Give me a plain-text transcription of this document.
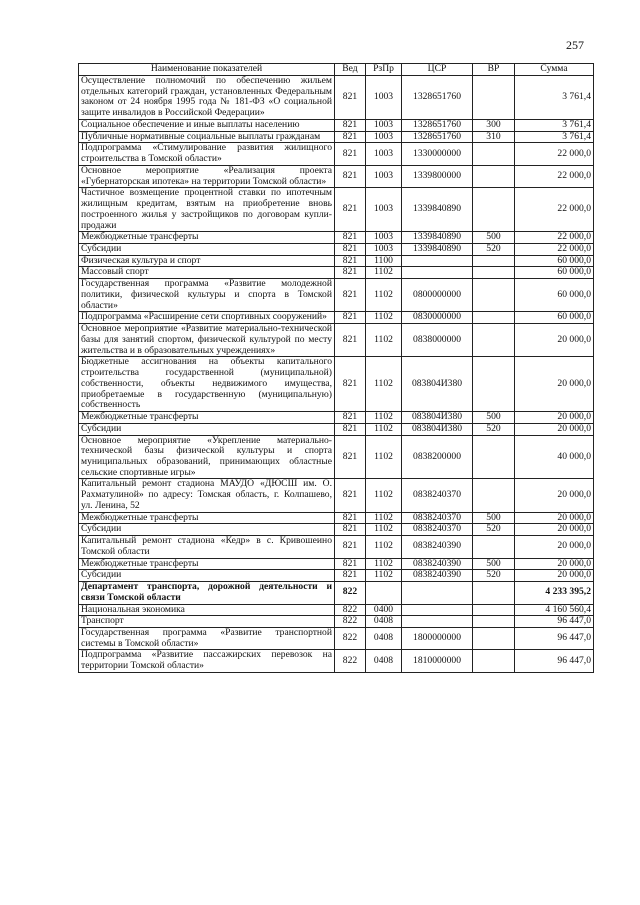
257
Наименование показателей	Вед	РзПр	ЦСР	ВР	Сумма
Осуществление полномочий по обеспечению жильем отдельных категорий граждан, установленных Федеральным законом от 24 ноября 1995 года № 181-ФЗ «О социальной защите инвалидов в Российской Федерации»	821	1003	1328651760		3 761,4
Социальное обеспечение и иные выплаты населению	821	1003	1328651760	300	3 761,4
Публичные нормативные социальные выплаты гражданам	821	1003	1328651760	310	3 761,4
Подпрограмма «Стимулирование развития жилищного строительства в Томской области»	821	1003	1330000000		22 000,0
Основное мероприятие «Реализация проекта «Губернаторская ипотека» на территории Томской области»	821	1003	1339800000		22 000,0
Частичное возмещение процентной ставки по ипотечным жилищным кредитам, взятым на приобретение вновь построенного жилья у застройщиков по договорам купли-продажи	821	1003	1339840890		22 000,0
Межбюджетные трансферты	821	1003	1339840890	500	22 000,0
Субсидии	821	1003	1339840890	520	22 000,0
Физическая культура и спорт	821	1100			60 000,0
Массовый спорт	821	1102			60 000,0
Государственная программа «Развитие молодежной политики, физической культуры и спорта в Томской области»	821	1102	0800000000		60 000,0
Подпрограмма «Расширение сети спортивных сооружений»	821	1102	0830000000		60 000,0
Основное мероприятие «Развитие материально-технической базы для занятий спортом, физической культурой по месту жительства и в образовательных учреждениях»	821	1102	0838000000		20 000,0
Бюджетные ассигнования на объекты капитального строительства государственной (муниципальной) собственности, объекты недвижимого имущества, приобретаемые в государственную (муниципальную) собственность	821	1102	083804И380		20 000,0
Межбюджетные трансферты	821	1102	083804И380	500	20 000,0
Субсидии	821	1102	083804И380	520	20 000,0
Основное мероприятие «Укрепление материально-технической базы физической культуры и спорта муниципальных образований, принимающих областные сельские спортивные игры»	821	1102	0838200000		40 000,0
Капитальный ремонт стадиона МАУДО «ДЮСШ им. О. Рахматулиной» по адресу: Томская область, г. Колпашево, ул. Ленина, 52	821	1102	0838240370		20 000,0
Межбюджетные трансферты	821	1102	0838240370	500	20 000,0
Субсидии	821	1102	0838240370	520	20 000,0
Капитальный ремонт стадиона «Кедр» в с. Кривошеино Томской области	821	1102	0838240390		20 000,0
Межбюджетные трансферты	821	1102	0838240390	500	20 000,0
Субсидии	821	1102	0838240390	520	20 000,0
Департамент транспорта, дорожной деятельности и связи Томской области	822				4 233 395,2
Национальная экономика	822	0400			4 160 560,4
Транспорт	822	0408			96 447,0
Государственная программа «Развитие транспортной системы в Томской области»	822	0408	1800000000		96 447,0
Подпрограмма «Развитие пассажирских перевозок на территории Томской области»	822	0408	1810000000		96 447,0
